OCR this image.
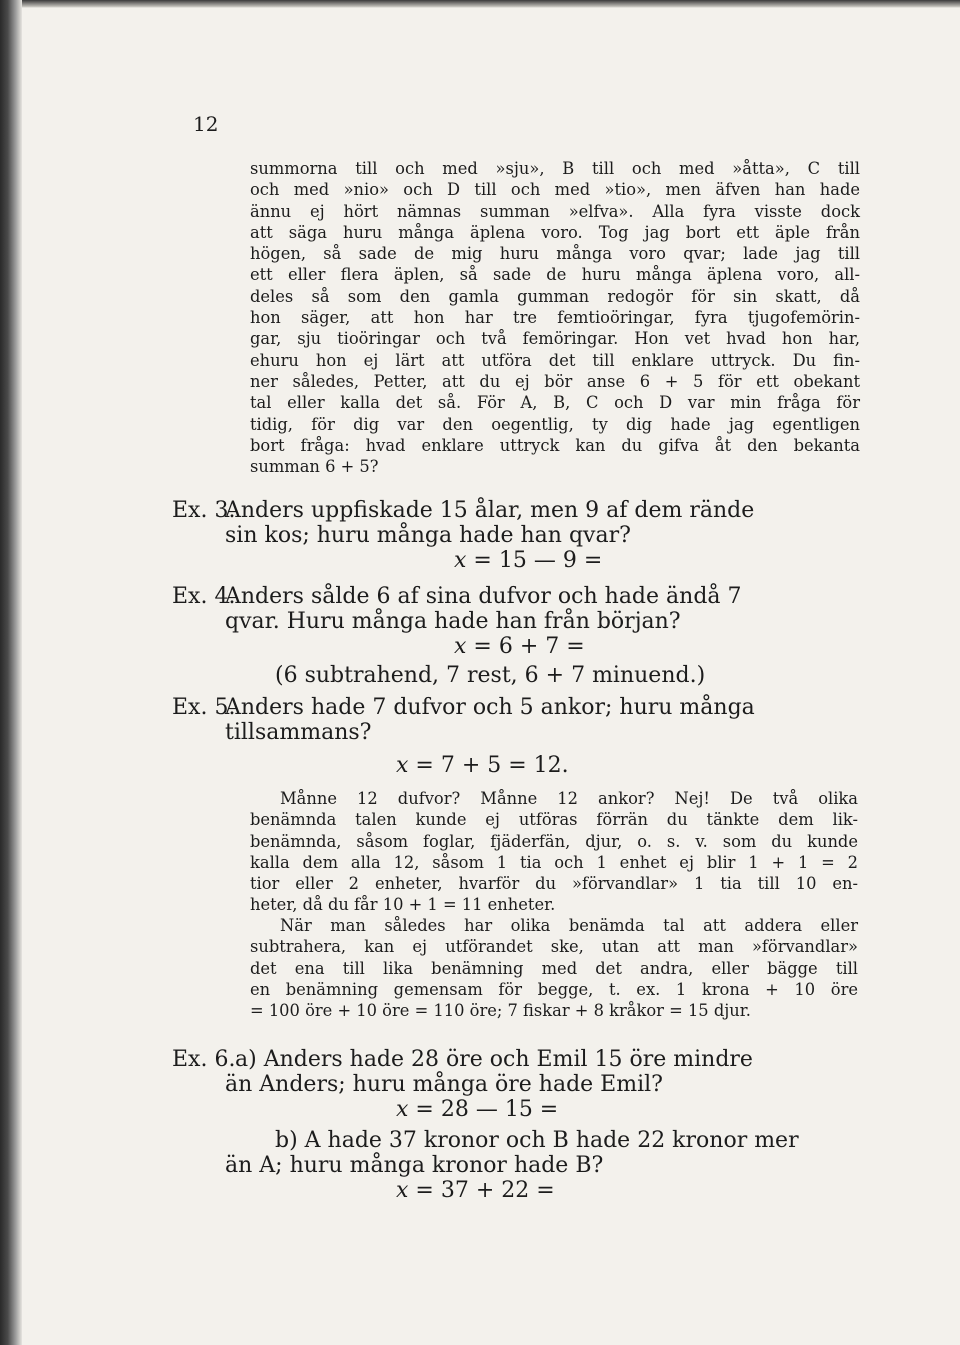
12
summorna till och med »sju», B till och med »åtta», C till
och med »nio» och D till och med »tio», men äfven han hade
ännu ej hört nämnas summan »elfva». Alla fyra visste dock
att säga huru många äplena voro. Tog jag bort ett äple från
högen, så sade de mig huru många voro qvar; lade jag till
ett eller flera äplen, så sade de huru många äplena voro, all-
deles så som den gamla gumman redogör för sin skatt, då
hon säger, att hon har tre femtioöringar, fyra tjugofemörin-
gar, sju tioöringar och två femöringar. Hon vet hvad hon har,
ehuru hon ej lärt att utföra det till enklare uttryck. Du fin-
ner således, Petter, att du ej bör anse 6 + 5 för ett obekant
tal eller kalla det så. För A, B, C och D var min fråga för
tidig, för dig var den oegentlig, ty dig hade jag egentligen
bort fråga: hvad enklare uttryck kan du gifva åt den bekanta
summan 6 + 5?
Ex. 3.Anders uppfiskade 15 ålar, men 9 af dem rände
sin kos; huru många hade han qvar?
x = 15 — 9 =
Ex. 4.Anders sålde 6 af sina dufvor och hade ändå 7
qvar. Huru många hade han från början?
x = 6 + 7 =
(6 subtrahend, 7 rest, 6 + 7 minuend.)
Ex. 5.Anders hade 7 dufvor och 5 ankor; huru många
tillsammans?
x = 7 + 5 = 12.
Månne 12 dufvor? Månne 12 ankor? Nej! De två olika
benämnda talen kunde ej utföras förrän du tänkte dem lik-
benämnda, såsom foglar, fjäderfän, djur, o. s. v. som du kunde
kalla dem alla 12, såsom 1 tia och 1 enhet ej blir 1 + 1 = 2
tior eller 2 enheter, hvarför du »förvandlar» 1 tia till 10 en-
heter, då du får 10 + 1 = 11 enheter.
När man således har olika benämda tal att addera eller
subtrahera, kan ej utförandet ske, utan att man »förvandlar»
det ena till lika benämning med det andra, eller bägge till
en benämning gemensam för begge, t. ex. 1 krona + 10 öre
= 100 öre + 10 öre = 110 öre; 7 fiskar + 8 kråkor = 15 djur.
Ex. 6.a) Anders hade 28 öre och Emil 15 öre mindre
än Anders; huru många öre hade Emil?
x = 28 — 15 =
b) A hade 37 kronor och B hade 22 kronor mer
än A; huru många kronor hade B?
x = 37 + 22 =
